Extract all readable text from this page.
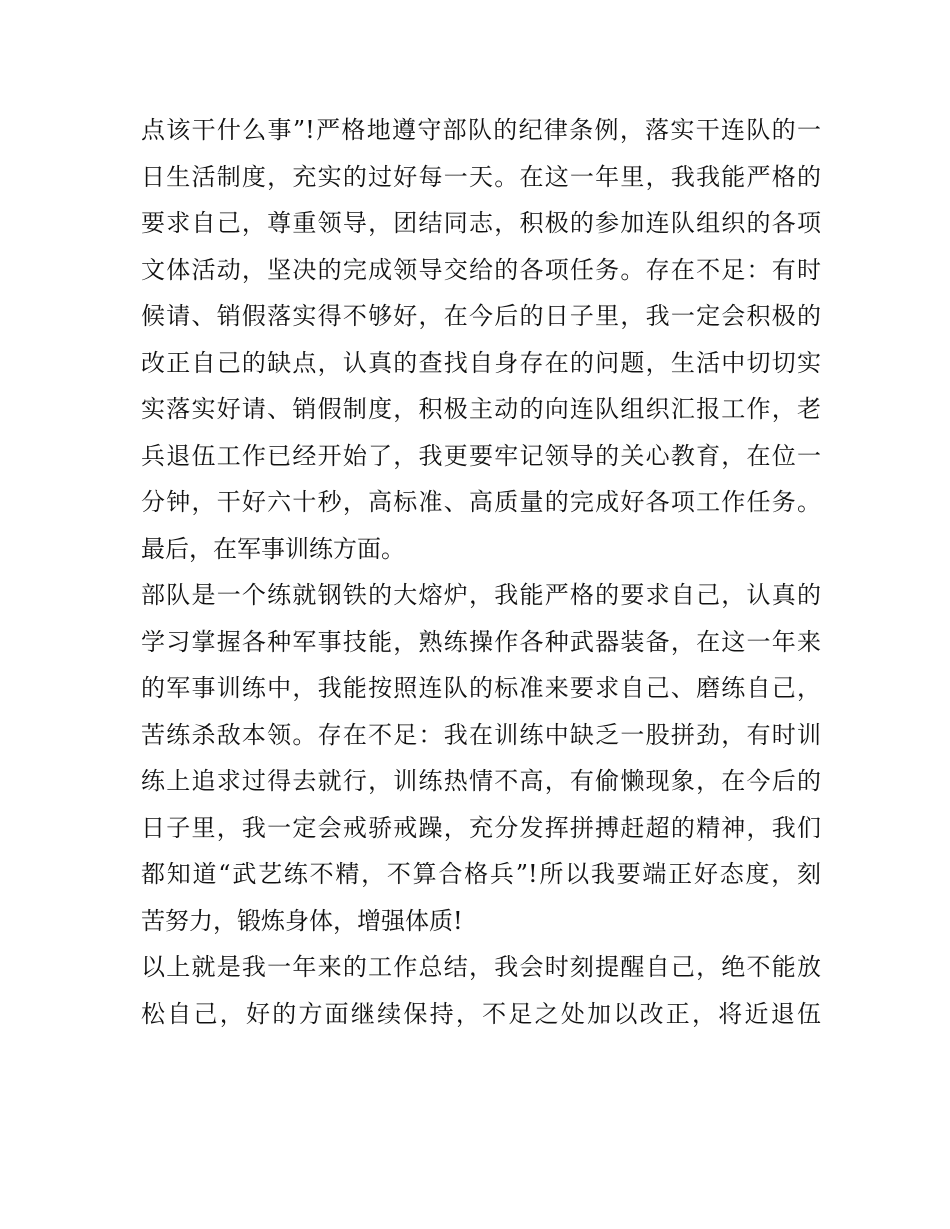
点该干什么事”!严格地遵守部队的纪律条例，落实干连队的一
日生活制度，充实的过好每一天。在这一年里，我我能严格的
要求自己，尊重领导，团结同志，积极的参加连队组织的各项
文体活动，坚决的完成领导交给的各项任务。存在不足：有时
候请、销假落实得不够好，在今后的日子里，我一定会积极的
改正自己的缺点，认真的查找自身存在的问题，生活中切切实
实落实好请、销假制度，积极主动的向连队组织汇报工作，老
兵退伍工作已经开始了，我更要牢记领导的关心教育，在位一
分钟，干好六十秒，高标准、高质量的完成好各项工作任务。
最后，在军事训练方面。
部队是一个练就钢铁的大熔炉，我能严格的要求自己，认真的
学习掌握各种军事技能，熟练操作各种武器装备，在这一年来
的军事训练中，我能按照连队的标准来要求自己、磨练自己，
苦练杀敌本领。存在不足：我在训练中缺乏一股拼劲，有时训
练上追求过得去就行，训练热情不高，有偷懒现象，在今后的
日子里，我一定会戒骄戒躁，充分发挥拼搏赶超的精神，我们
都知道“武艺练不精，不算合格兵”!所以我要端正好态度，刻
苦努力，锻炼身体，增强体质!
以上就是我一年来的工作总结，我会时刻提醒自己，绝不能放
松自己，好的方面继续保持，不足之处加以改正，将近退伍
